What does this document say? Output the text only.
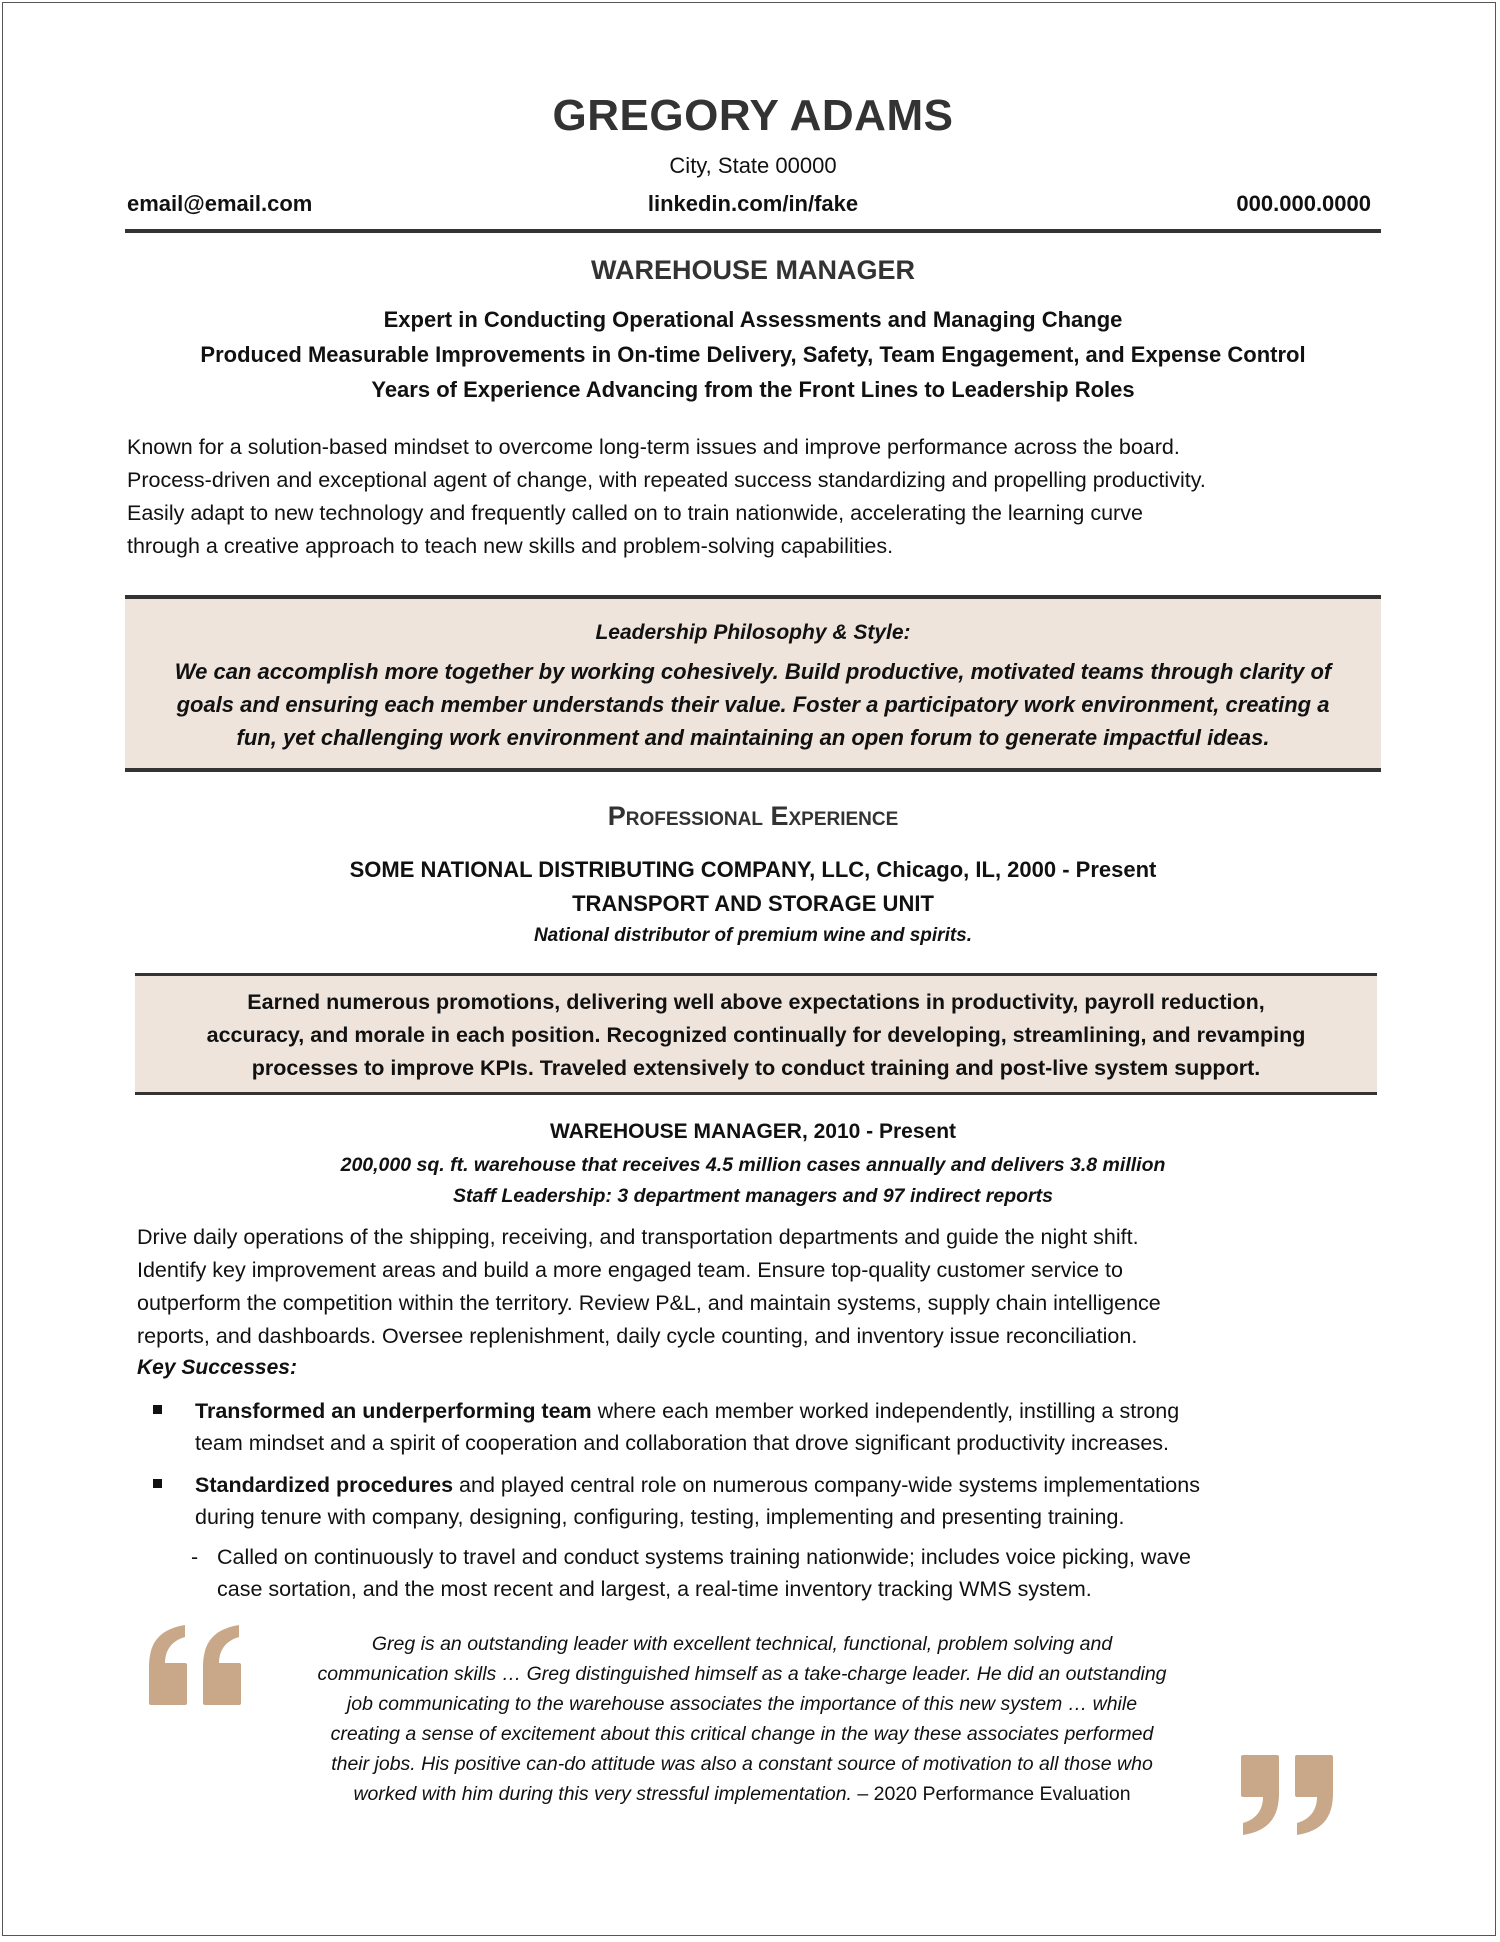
GREGORY ADAMS
City, State 00000
email@email.com	linkedin.com/in/fake	000.000.0000
WAREHOUSE MANAGER
Expert in Conducting Operational Assessments and Managing Change
Produced Measurable Improvements in On-time Delivery, Safety, Team Engagement, and Expense Control
Years of Experience Advancing from the Front Lines to Leadership Roles
Known for a solution-based mindset to overcome long-term issues and improve performance across the board.
Process-driven and exceptional agent of change, with repeated success standardizing and propelling productivity.
Easily adapt to new technology and frequently called on to train nationwide, accelerating the learning curve
through a creative approach to teach new skills and problem-solving capabilities.
Leadership Philosophy & Style:
We can accomplish more together by working cohesively. Build productive, motivated teams through clarity of
goals and ensuring each member understands their value. Foster a participatory work environment, creating a
fun, yet challenging work environment and maintaining an open forum to generate impactful ideas.
Professional Experience
SOME NATIONAL DISTRIBUTING COMPANY, LLC, Chicago, IL, 2000 - Present
TRANSPORT AND STORAGE UNIT
National distributor of premium wine and spirits.
Earned numerous promotions, delivering well above expectations in productivity, payroll reduction,
accuracy, and morale in each position. Recognized continually for developing, streamlining, and revamping
processes to improve KPIs. Traveled extensively to conduct training and post-live system support.
WAREHOUSE MANAGER, 2010 - Present
200,000 sq. ft. warehouse that receives 4.5 million cases annually and delivers 3.8 million
Staff Leadership: 3 department managers and 97 indirect reports
Drive daily operations of the shipping, receiving, and transportation departments and guide the night shift.
Identify key improvement areas and build a more engaged team. Ensure top-quality customer service to
outperform the competition within the territory. Review P&L, and maintain systems, supply chain intelligence
reports, and dashboards. Oversee replenishment, daily cycle counting, and inventory issue reconciliation.
Key Successes:
Transformed an underperforming team where each member worked independently, instilling a strong
team mindset and a spirit of cooperation and collaboration that drove significant productivity increases.
Standardized procedures and played central role on numerous company-wide systems implementations
during tenure with company, designing, configuring, testing, implementing and presenting training.
- Called on continuously to travel and conduct systems training nationwide; includes voice picking, wave
case sortation, and the most recent and largest, a real-time inventory tracking WMS system.
Greg is an outstanding leader with excellent technical, functional, problem solving and
communication skills … Greg distinguished himself as a take-charge leader. He did an outstanding
job communicating to the warehouse associates the importance of this new system … while
creating a sense of excitement about this critical change in the way these associates performed
their jobs. His positive can-do attitude was also a constant source of motivation to all those who
worked with him during this very stressful implementation. – 2020 Performance Evaluation
